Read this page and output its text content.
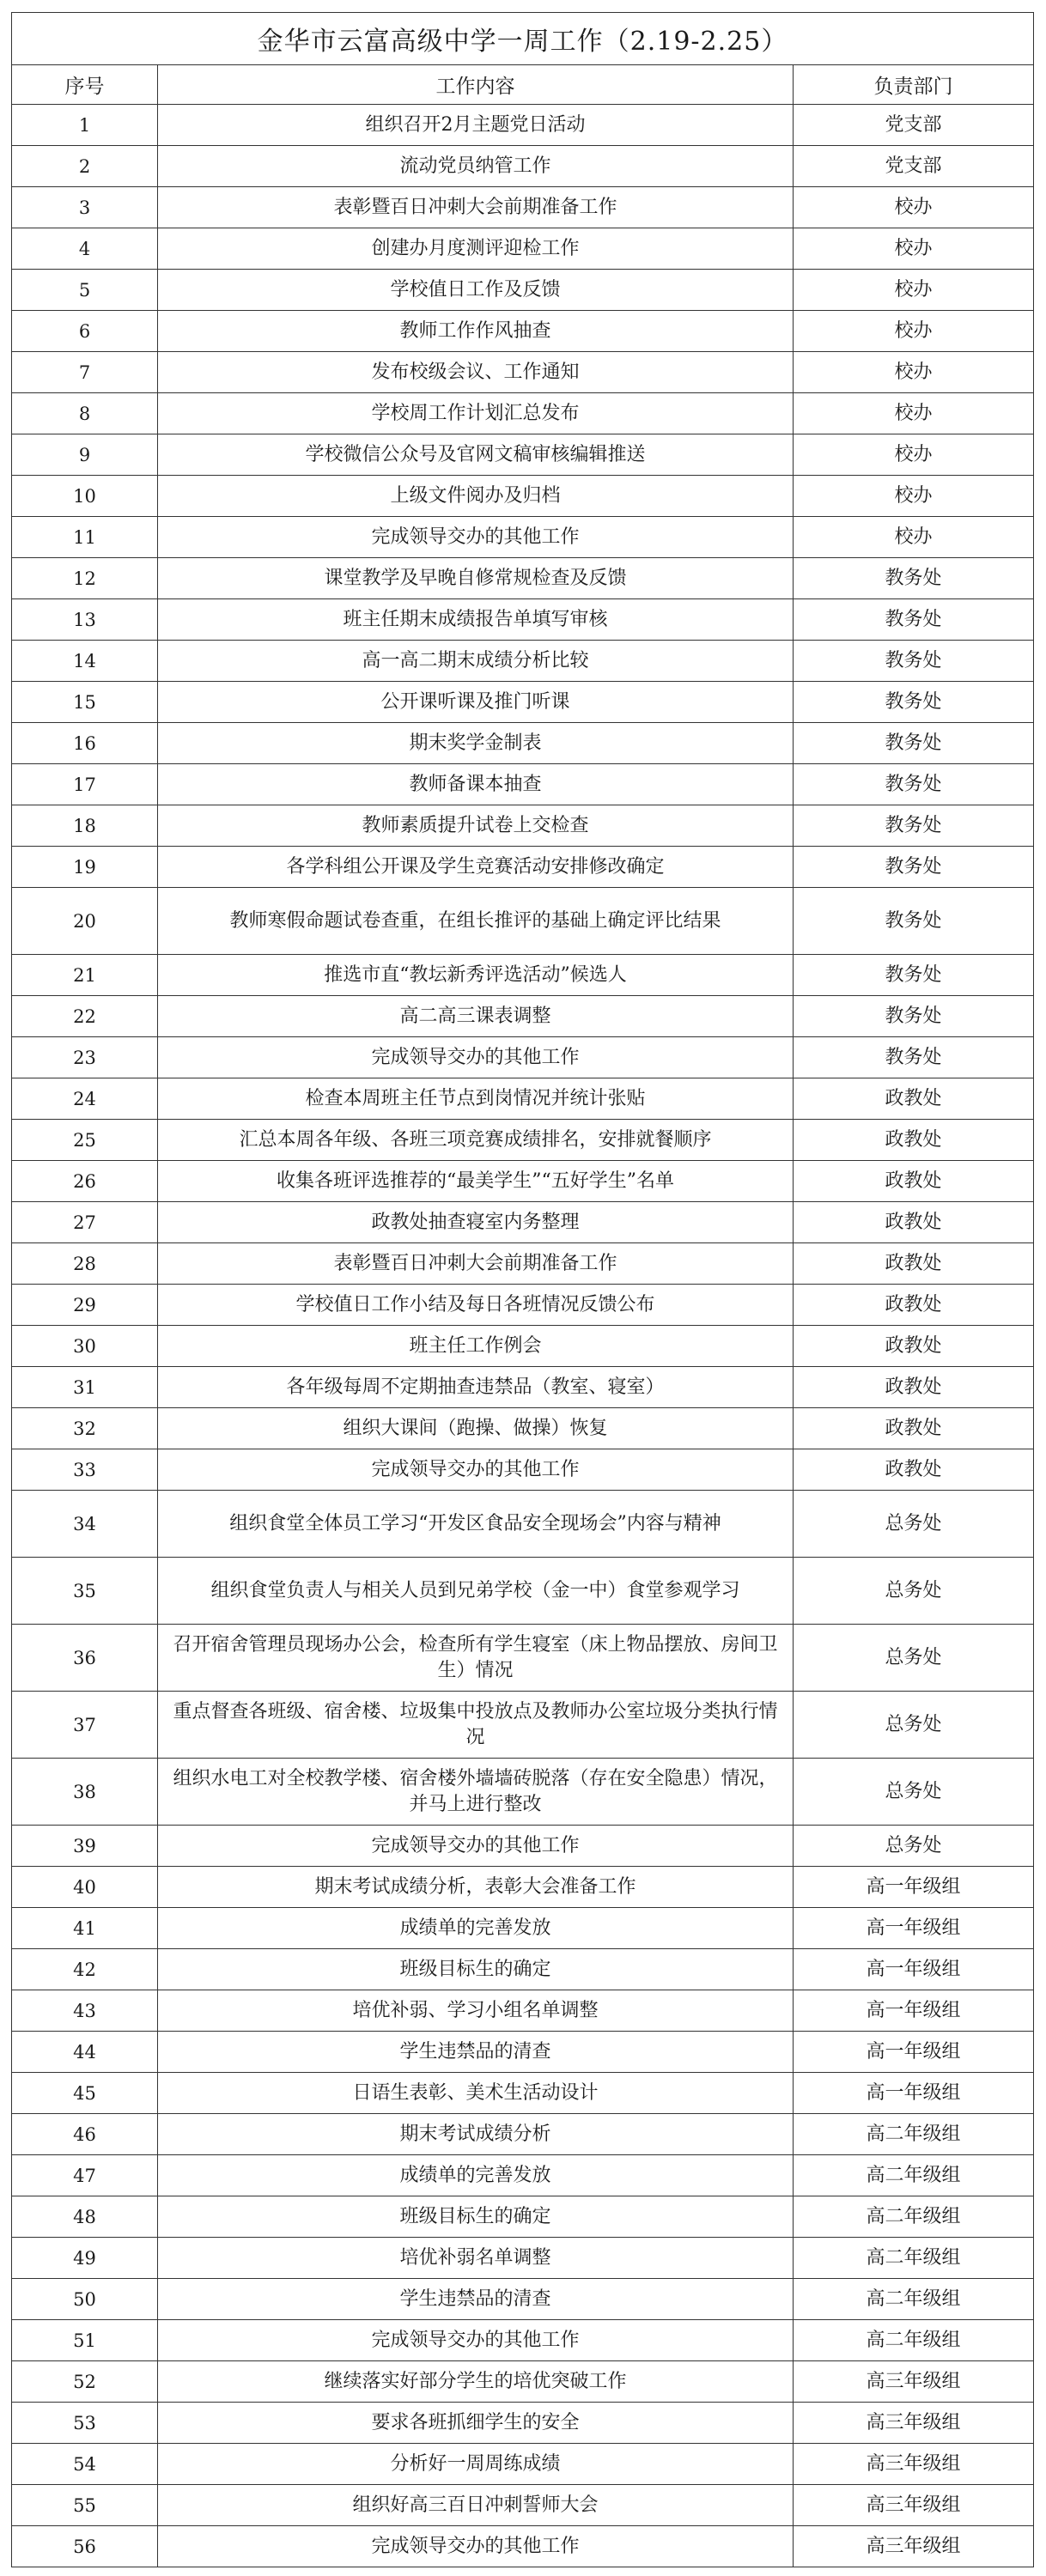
金华市云富高级中学一周工作（2.19-2.25）		
序号	工作内容	负责部门
1	组织召开2月主题党日活动	党支部
2	流动党员纳管工作	党支部
3	表彰暨百日冲刺大会前期准备工作	校办
4	创建办月度测评迎检工作	校办
5	学校值日工作及反馈	校办
6	教师工作作风抽查	校办
7	发布校级会议、工作通知	校办
8	学校周工作计划汇总发布	校办
9	学校微信公众号及官网文稿审核编辑推送	校办
10	上级文件阅办及归档	校办
11	完成领导交办的其他工作	校办
12	课堂教学及早晚自修常规检查及反馈	教务处
13	班主任期末成绩报告单填写审核	教务处
14	高一高二期末成绩分析比较	教务处
15	公开课听课及推门听课	教务处
16	期末奖学金制表	教务处
17	教师备课本抽查	教务处
18	教师素质提升试卷上交检查	教务处
19	各学科组公开课及学生竞赛活动安排修改确定	教务处
20	教师寒假命题试卷查重，在组长推评的基础上确定评比结果	教务处
21	推选市直“教坛新秀评选活动”候选人	教务处
22	高二高三课表调整	教务处
23	完成领导交办的其他工作	教务处
24	检查本周班主任节点到岗情况并统计张贴	政教处
25	汇总本周各年级、各班三项竞赛成绩排名，安排就餐顺序	政教处
26	收集各班评选推荐的“最美学生”“五好学生”名单	政教处
27	政教处抽查寝室内务整理	政教处
28	表彰暨百日冲刺大会前期准备工作	政教处
29	学校值日工作小结及每日各班情况反馈公布	政教处
30	班主任工作例会	政教处
31	各年级每周不定期抽查违禁品（教室、寝室）	政教处
32	组织大课间（跑操、做操）恢复	政教处
33	完成领导交办的其他工作	政教处
34	组织食堂全体员工学习“开发区食品安全现场会”内容与精神	总务处
35	组织食堂负责人与相关人员到兄弟学校（金一中）食堂参观学习	总务处
36	召开宿舍管理员现场办公会，检查所有学生寝室（床上物品摆放、房间卫生）情况	总务处
37	重点督查各班级、宿舍楼、垃圾集中投放点及教师办公室垃圾分类执行情况	总务处
38	组织水电工对全校教学楼、宿舍楼外墙墙砖脱落（存在安全隐患）情况，并马上进行整改	总务处
39	完成领导交办的其他工作	总务处
40	期末考试成绩分析，表彰大会准备工作	高一年级组
41	成绩单的完善发放	高一年级组
42	班级目标生的确定	高一年级组
43	培优补弱、学习小组名单调整	高一年级组
44	学生违禁品的清查	高一年级组
45	日语生表彰、美术生活动设计	高一年级组
46	期末考试成绩分析	高二年级组
47	成绩单的完善发放	高二年级组
48	班级目标生的确定	高二年级组
49	培优补弱名单调整	高二年级组
50	学生违禁品的清查	高二年级组
51	完成领导交办的其他工作	高二年级组
52	继续落实好部分学生的培优突破工作	高三年级组
53	要求各班抓细学生的安全	高三年级组
54	分析好一周周练成绩	高三年级组
55	组织好高三百日冲刺誓师大会	高三年级组
56	完成领导交办的其他工作	高三年级组
